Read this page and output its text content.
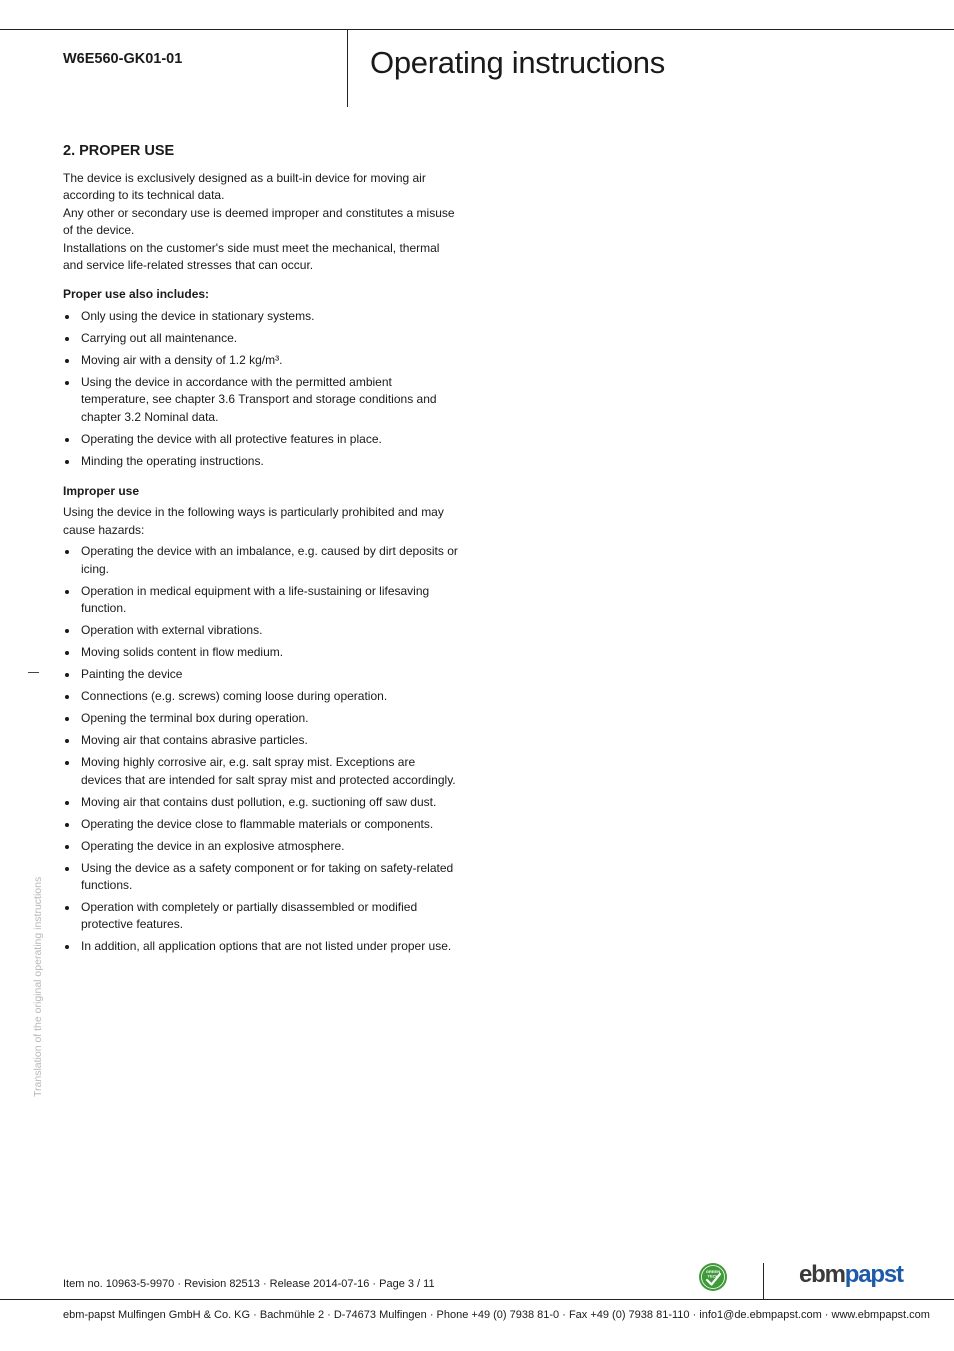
W6E560-GK01-01	Operating instructions
2. PROPER USE

The device is exclusively designed as a built-in device for moving air according to its technical data.

Any other or secondary use is deemed improper and constitutes a misuse of the device.

Installations on the customer's side must meet the mechanical, thermal and service life-related stresses that can occur.

Proper use also includes:
Only using the device in stationary systems.
Carrying out all maintenance.
Moving air with a density of 1.2 kg/m³.
Using the device in accordance with the permitted ambient temperature, see chapter 3.6 Transport and storage conditions and chapter 3.2 Nominal data.
Operating the device with all protective features in place.
Minding the operating instructions.
Improper use
Using the device in the following ways is particularly prohibited and may cause hazards:
Operating the device with an imbalance, e.g. caused by dirt deposits or icing.
Operation in medical equipment with a life-sustaining or lifesaving function.
Operation with external vibrations.
Moving solids content in flow medium.
Painting the device
Connections (e.g. screws) coming loose during operation.
Opening the terminal box during operation.
Moving air that contains abrasive particles.
Moving highly corrosive air, e.g. salt spray mist. Exceptions are devices that are intended for salt spray mist and protected accordingly.
Moving air that contains dust pollution, e.g. suctioning off saw dust.
Operating the device close to flammable materials or components.
Operating the device in an explosive atmosphere.
Using the device as a safety component or for taking on safety-related functions.
Operation with completely or partially disassembled or modified protective features.
In addition, all application options that are not listed under proper use.
Translation of the original operating instructions
Item no. 10963-5-9970 · Revision 82513 · Release 2014-07-16 · Page 3 / 11
GREEN
TECH	ebmpapst
ebm-papst Mulfingen GmbH & Co. KG · Bachmühle 2 · D-74673 Mulfingen · Phone +49 (0) 7938 81-0 · Fax +49 (0) 7938 81-110 · info1@de.ebmpapst.com · www.ebmpapst.com
